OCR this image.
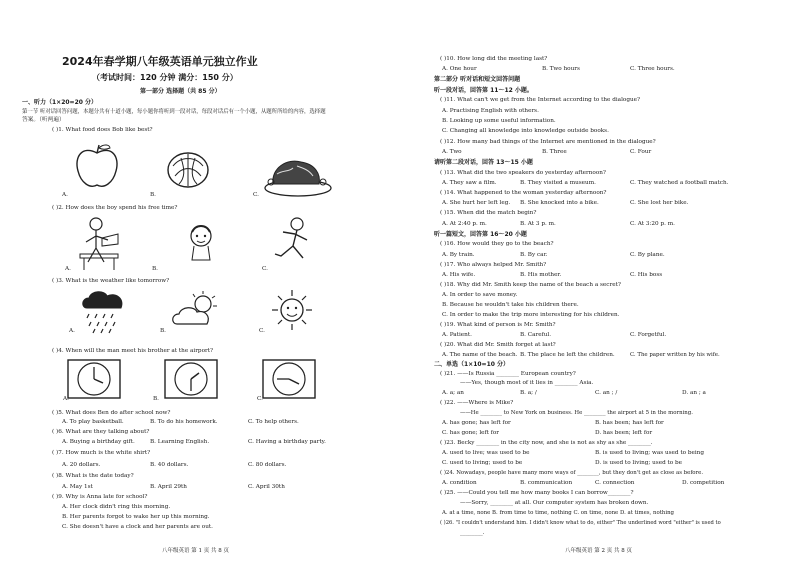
2024年春学期八年级英语单元独立作业
（考试时间：120 分钟 满分：150 分）
第一部分 选择题（共 85 分）
一、听力（1×20=20 分）
第一节 听对话回答问题，本题分共有十道小题，每小题你将听到一段对话，每段对话后有一个小题，从题所所给的内容，选择题
答案。（听两遍）
( )1. What food does Bob like best?
A.	B.	C.
( )2. How does the boy spend his free time?
A.	B.	C.
( )3. What is the weather like tomorrow?
A.	B.	C.
( )4. When will the man meet his brother at the airport?
A.	B.	C.
( )5. What does Ben do after school now?
A. To play basketball.	B. To do his homework.	C. To help others.
( )6. What are they talking about?
A. Buying a birthday gift.	B. Learning English.	C. Having a birthday party.
( )7. How much is the white shirt?
A. 20 dollars.	B. 40 dollars.	C. 80 dollars.
( )8. What is the date today?
A. May 1st	B. April 29th	C. April 30th
( )9. Why is Anna late for school?
A. Her clock didn't ring this morning.
B. Her parents forgot to wake her up this morning.
C. She doesn't have a clock and her parents are out.
八年级英语 第 1 页 共 8 页
( )10. How long did the meeting last?
A. One hour	B. Two hours	C. Three hours.
第二部分 听对话和短文回答问题
听一段对话，回答第 11～12 小题。
( )11. What can't we get from the Internet according to the dialogue?
A. Practising English with others.
B. Looking up some useful information.
C. Changing all knowledge into knowledge outside books.
( )12. How many bad things of the Internet are mentioned in the dialogue?
A. Two	B. Three	C. Four
请听第二段对话，回答 13～15 小题
( )13. What did the two speakers do yesterday afternoon?
A. They saw a film.	B. They visited a museum.	C. They watched a football match.
( )14. What happened to the woman yesterday afternoon?
A. She hurt her left leg. B. She knocked into a bike.	C. She lost her bike.
( )15. When did the match begin?
A. At 2:40 p. m.	B. At 3 p. m.	C. At 3:20 p. m.
听一篇短文，回答第 16～20 小题
( )16. How would they go to the beach?
A. By train.	B. By car.	C. By plane.
( )17. Who always helped Mr. Smith?
A. His wife.	B. His mother.	C. His boss
( )18. Why did Mr. Smith keep the name of the beach a secret?
A. In order to save money.
B. Because he wouldn't take his children there.
C. In order to make the trip more interesting for his children.
( )19. What kind of person is Mr. Smith?
A. Patient.	B. Careful.	C. Forgetful.
( )20. What did Mr. Smith forget at last?
A. The name of the beach. B. The place he left the children.	C. The paper written by his wife.
二、单选（1×10=10 分）
( )21. ——Is Russia ________ European country?
——Yes, though most of it lies in ________ Asia.
A. a; an	B. a; /	C. an ; /	D. an ; a
( )22. ——Where is Mike?
——He ________ to New York on business. He ________ the airport at 5 in the morning.
A. has gone; has left for	B. has been; has left for
C. has gone; left for	D. has been; left for
( )23. Becky ________ in the city now, and she is not as shy as she ________.
A. used to live; was used to be	B. is used to living; was used to being
C. used to living; used to be	D. is used to living; used to be
( )24. Nowadays, people have many more ways of ________, but they don't get as close as before.
A. condition	B. communication	C. connection	D. competition
( )25. ——Could you tell me how many books I can borrow________?
——Sorry, ________ at all. Our computer system has broken down.
A. at a time, none B. from time to time, nothing C. on time, none D. at times, nothing
( )26. "I couldn't understand him. I didn't know what to do, either" The underlined word "either" is used to
________.
八年级英语 第 2 页 共 8 页
